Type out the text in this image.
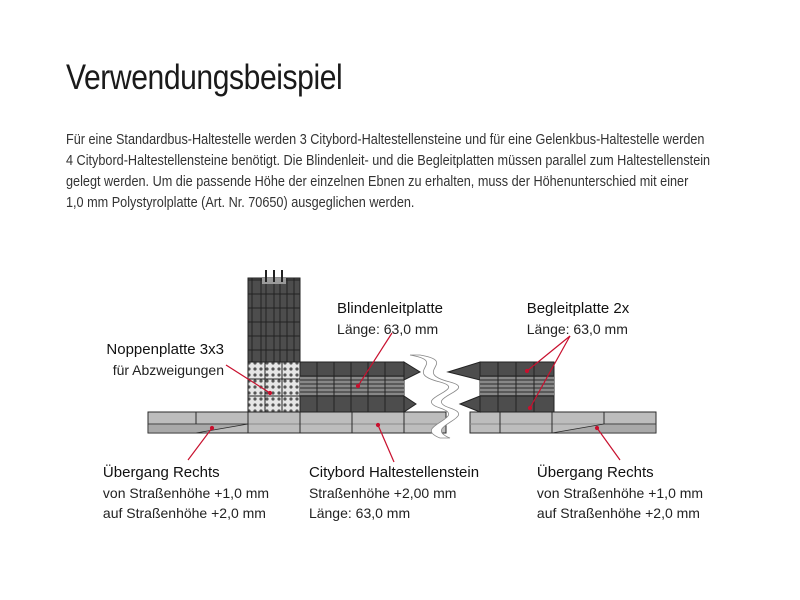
Verwendungsbeispiel
Für eine Standardbus-Haltestelle werden 3 Citybord-Haltestellensteine und für eine Gelenkbus-Haltestelle werden
4 Citybord-Haltestellensteine benötigt. Die Blindenleit- und die Begleitplatten müssen parallel zum Haltestellenstein
gelegt werden. Um die passende Höhe der einzelnen Ebnen zu erhalten, muss der Höhenunterschied mit einer
1,0 mm Polystyrolplatte (Art. Nr. 70650) ausgeglichen werden.
Noppenplatte 3x3
für Abzweigungen
Blindenleitplatte
Länge: 63,0 mm
Begleitplatte 2x
Länge: 63,0 mm
Übergang Rechts
von Straßenhöhe +1,0 mm
auf Straßenhöhe +2,0 mm
Citybord Haltestellenstein
Straßenhöhe +2,00 mm
Länge: 63,0 mm
Übergang Rechts
von Straßenhöhe +1,0 mm
auf Straßenhöhe +2,0 mm
